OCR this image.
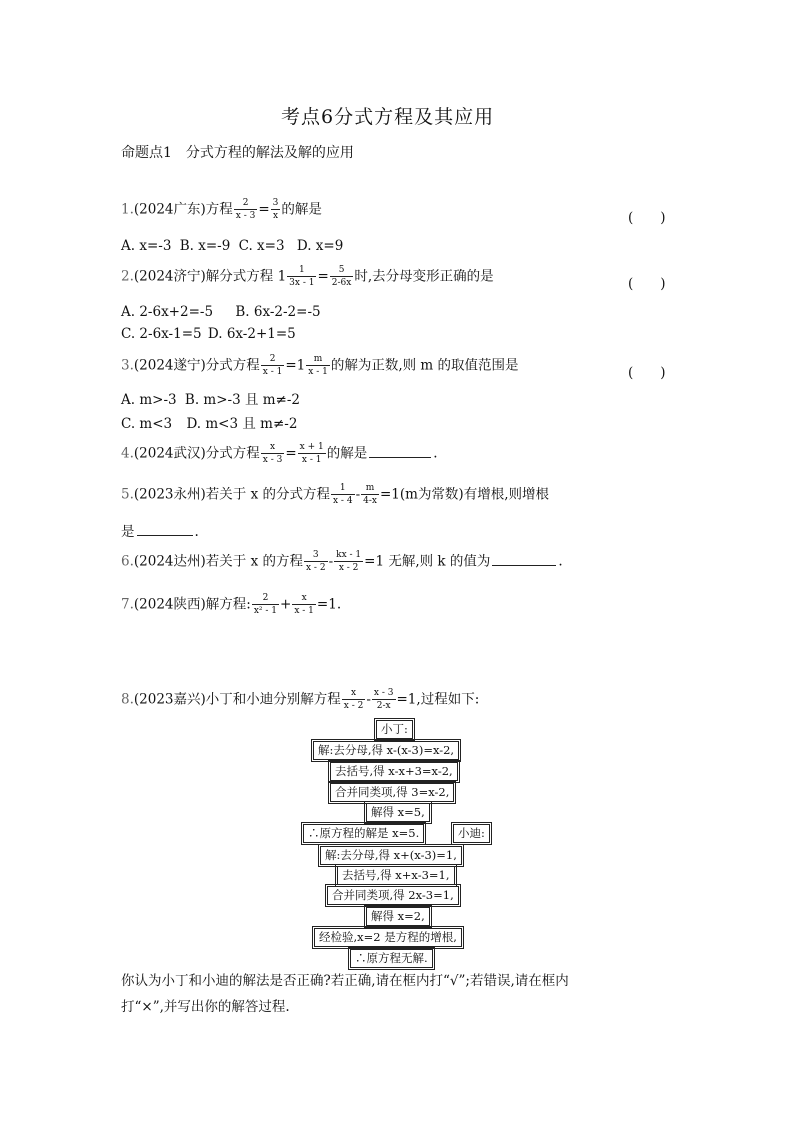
考点6分式方程及其应用
命题点1　分式方程的解法及解的应用
1.(2024广东)方程 $\frac{2}{x - 3} = \frac{3}{x}$ 的解是
(　　)
A. x=-3 B. x=-9 C. x=3 D. x=9
2.(2024济宁)解分式方程 $1 \frac{1}{3x - 1} = \frac{5}{2-6x}$ 时,去分母变形正确的是	(　　)
A. 2-6x+2=-5 B. 6x-2-2=-5
C. 2-6x-1=5 D. 6x-2+1=5
3.(2024遂宁)分式方程 $\frac{2}{x - 1} =1 \frac{m}{x - 1}$ 的解为正数,则 m 的取值范围是	(　　)
A. m>-3 B. m>-3 且 m≠-2
C. m<3 D. m<3 且 m≠-2
4.(2024武汉)分式方程 $\frac{x}{x - 3} = \frac{x + 1}{x - 1}$ 的解是	.
5.(2023永州)若关于 x 的分式方程 $\frac{1}{x - 4} - \frac{m}{4-x} =1(m$为常数)有增根,则增根
是	.
6.(2024达州)若关于 x 的方程 $\frac{3}{x - 2} - \frac{kx - 1}{x - 2} =1$ 无解,则 k 的值为	.
7.(2024陕西)解方程: $\frac{2}{\text{x² - 1}} + \frac{x}{x - 1} =1$.
8.(2023嘉兴)小丁和小迪分别解方程 $\frac{x}{x - 2} - \frac{x - 3}{2-x} =1$,过程如下:
小丁:
解:去分母,得 x-(x-3)=x-2,
去括号,得 x-x+3=x-2,
合并同类项,得 3=x-2,
解得 x=5,
∴原方程的解是 x=5.	小迪:
解:去分母,得 x+(x-3)=1,
去括号,得 x+x-3=1,
合并同类项,得 2x-3=1,
解得 x=2,
经检验,x=2 是方程的增根,
∴原方程无解.
你认为小丁和小迪的解法是否正确?若正确,请在框内打“√”;若错误,请在框内
打“×”,并写出你的解答过程.
